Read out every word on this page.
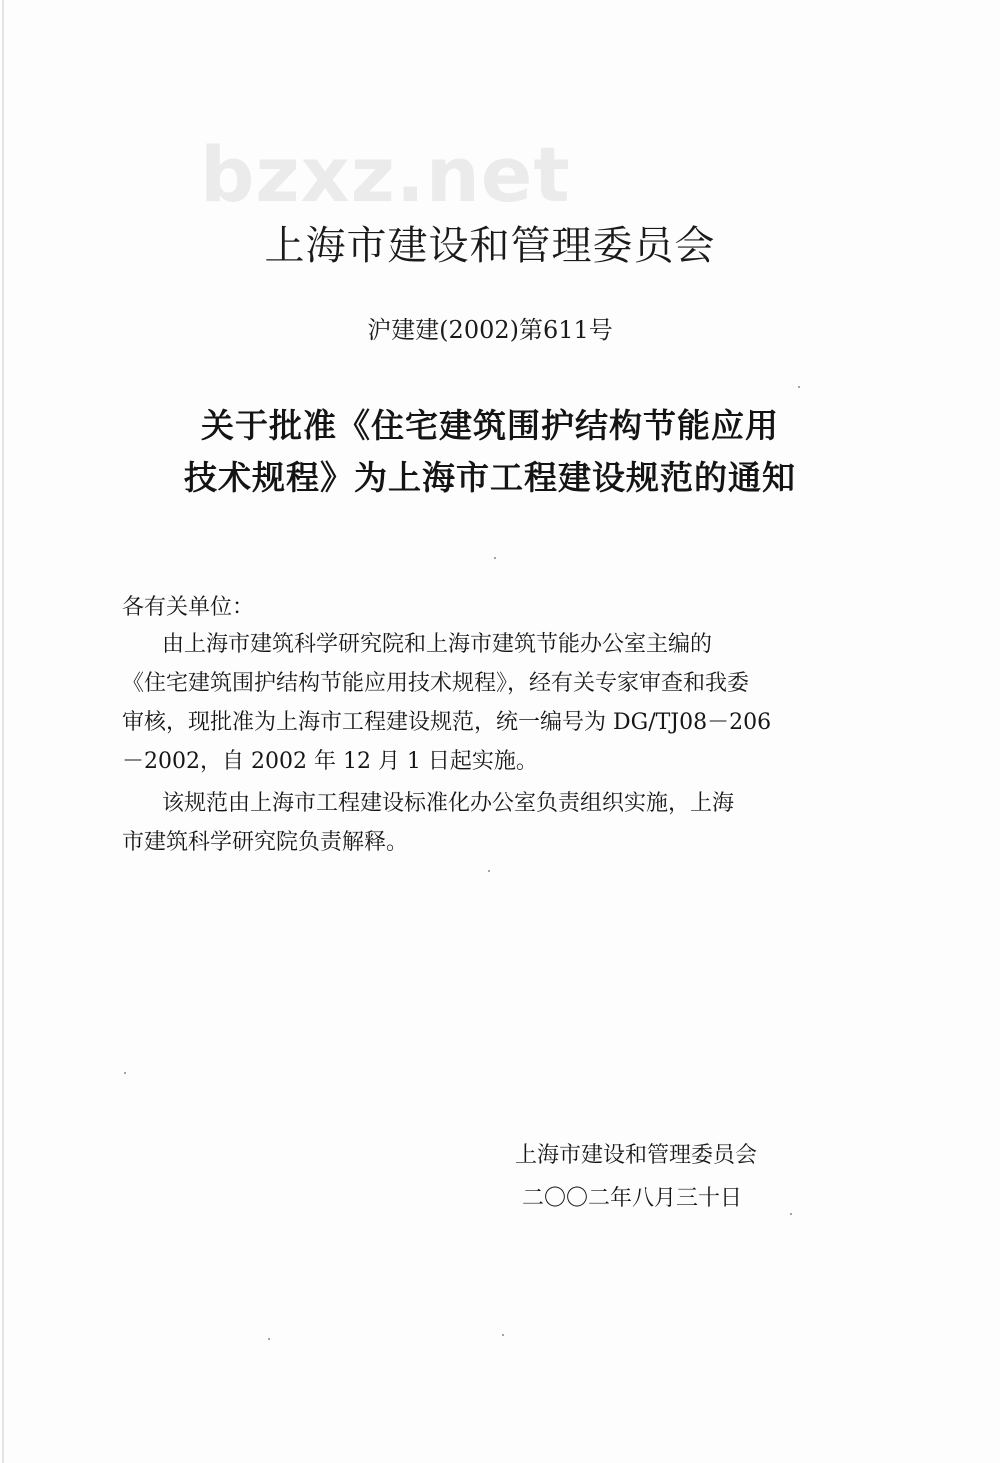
bzxz.net
上海市建设和管理委员会
沪建建(2002)第611号
关于批准《住宅建筑围护结构节能应用
技术规程》为上海市工程建设规范的通知
各有关单位：
由上海市建筑科学研究院和上海市建筑节能办公室主编的
《住宅建筑围护结构节能应用技术规程》，经有关专家审查和我委
审核，现批准为上海市工程建设规范，统一编号为 DG/TJ08－206
－2002，自 2002 年 12 月 1 日起实施。
该规范由上海市工程建设标准化办公室负责组织实施，上海
市建筑科学研究院负责解释。
上海市建设和管理委员会
二〇〇二年八月三十日
